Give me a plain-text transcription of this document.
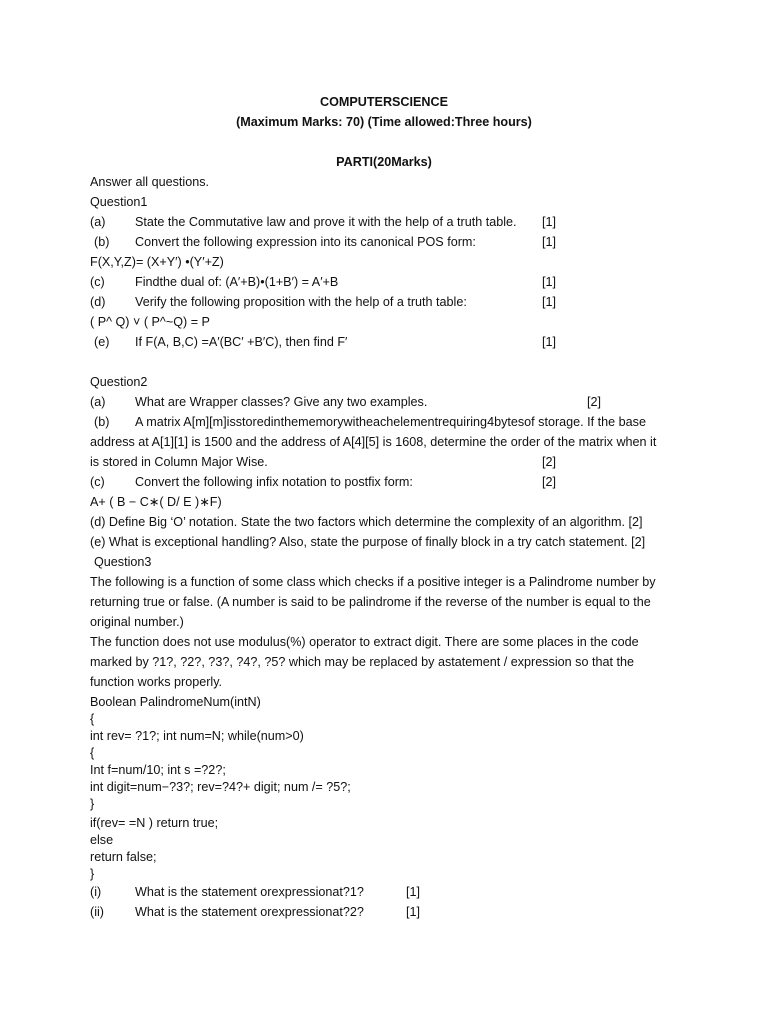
COMPUTERSCIENCE
(Maximum Marks: 70) (Time allowed:Three hours)
PARTI(20Marks)
Answer all questions.
Question1
(a) State the Commutative law and prove it with the help of a truth table. [1]
(b) Convert the following expression into its canonical POS form:	[1]
F(X,Y,Z)= (X+Y′) •(Y′+Z)
(c) Findthe dual of: (A′+B)•(1+B′) = A′+B	[1]
(d) Verify the following proposition with the help of a truth table:	[1]
( P^ Q) ˅ ( P^~Q) = P
(e) If F(A, B,C) =A′(BC′ +B′C), then find F′	[1]
Question2
(a) What are Wrapper classes? Give any two examples.	[2]
(b) A matrix A[m][m]isstoredinthememorywitheachelementrequiring4bytesof storage. If the base
address at A[1][1] is 1500 and the address of A[4][5] is 1608, determine the order of the matrix when it
is stored in Column Major Wise.	[2]
(c) Convert the following infix notation to postfix form:	[2]
A+ ( B − C∗( D/ E )∗F)
(d) Define Big ‘O’ notation. State the two factors which determine the complexity of an algorithm. [2]
(e) What is exceptional handling? Also, state the purpose of finally block in a try catch statement. [2]
Question3
The following is a function of some class which checks if a positive integer is a Palindrome number by
returning true or false. (A number is said to be palindrome if the reverse of the number is equal to the
original number.)
The function does not use modulus(%) operator to extract digit. There are some places in the code
marked by ?1?, ?2?, ?3?, ?4?, ?5? which may be replaced by astatement / expression so that the
function works properly.
Boolean PalindromeNum(intN)
{
int rev= ?1?; int num=N; while(num>0)
{
Int f=num/10; int s =?2?;
int digit=num−?3?; rev=?4?+ digit; num /= ?5?;
}
if(rev= =N ) return true;
else
return false;
}
(i)	What is the statement orexpressionat?1?	[1]
(ii) What is the statement orexpressionat?2?	[1]
